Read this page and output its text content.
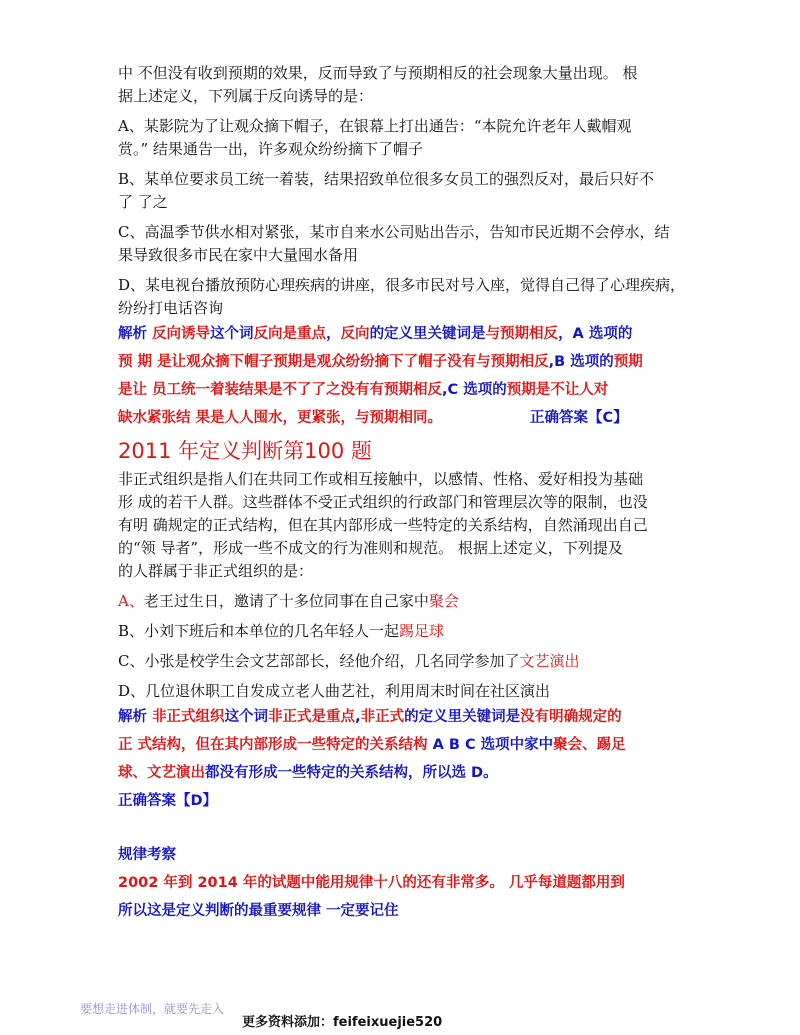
中 不但没有收到预期的效果，反而导致了与预期相反的社会现象大量出现。 根
据上述定义，下列属于反向诱导的是：
A、某影院为了让观众摘下帽子，在银幕上打出通告：“本院允许老年人戴帽观
赏。” 结果通告一出，许多观众纷纷摘下了帽子
B、某单位要求员工统一着装，结果招致单位很多女员工的强烈反对，最后只好不
了 了之
C、高温季节供水相对紧张，某市自来水公司贴出告示，告知市民近期不会停水，结
果导致很多市民在家中大量囤水备用
D、某电视台播放预防心理疾病的讲座，很多市民对号入座，觉得自己得了心理疾病，
纷纷打电话咨询
解析 反向诱导这个词反向是重点，反向的定义里关键词是与预期相反，A 选项的
预 期 是让观众摘下帽子预期是观众纷纷摘下了帽子没有与预期相反,B 选项的预期
是让 员工统一着装结果是不了了之没有有预期相反,C 选项的预期是不让人对
缺水紧张结 果是人人囤水，更紧张，与预期相同。	正确答案【C】
2011 年定义判断第100 题
非正式组织是指人们在共同工作或相互接触中，以感情、性格、爱好相投为基础
形 成的若干人群。这些群体不受正式组织的行政部门和管理层次等的限制，也没
有明 确规定的正式结构，但在其内部形成一些特定的关系结构，自然涌现出自己
的“领 导者”，形成一些不成文的行为准则和规范。 根据上述定义，下列提及
的人群属于非正式组织的是：
A、老王过生日，邀请了十多位同事在自己家中聚会
B、小刘下班后和本单位的几名年轻人一起踢足球
C、小张是校学生会文艺部部长，经他介绍，几名同学参加了文艺演出
D、几位退休职工自发成立老人曲艺社，利用周末时间在社区演出
解析 非正式组织这个词非正式是重点,非正式的定义里关键词是没有明确规定的
正 式结构，但在其内部形成一些特定的关系结构 A B C 选项中家中聚会、踢足
球、文艺演出都没有形成一些特定的关系结构，所以选 D。
正确答案【D】
规律考察
2002 年到 2014 年的试题中能用规律十八的还有非常多。 几乎每道题都用到
所以这是定义判断的最重要规律 一定要记住
要想走进体制，就要先走入
更多资料添加：feifeixuejie520
